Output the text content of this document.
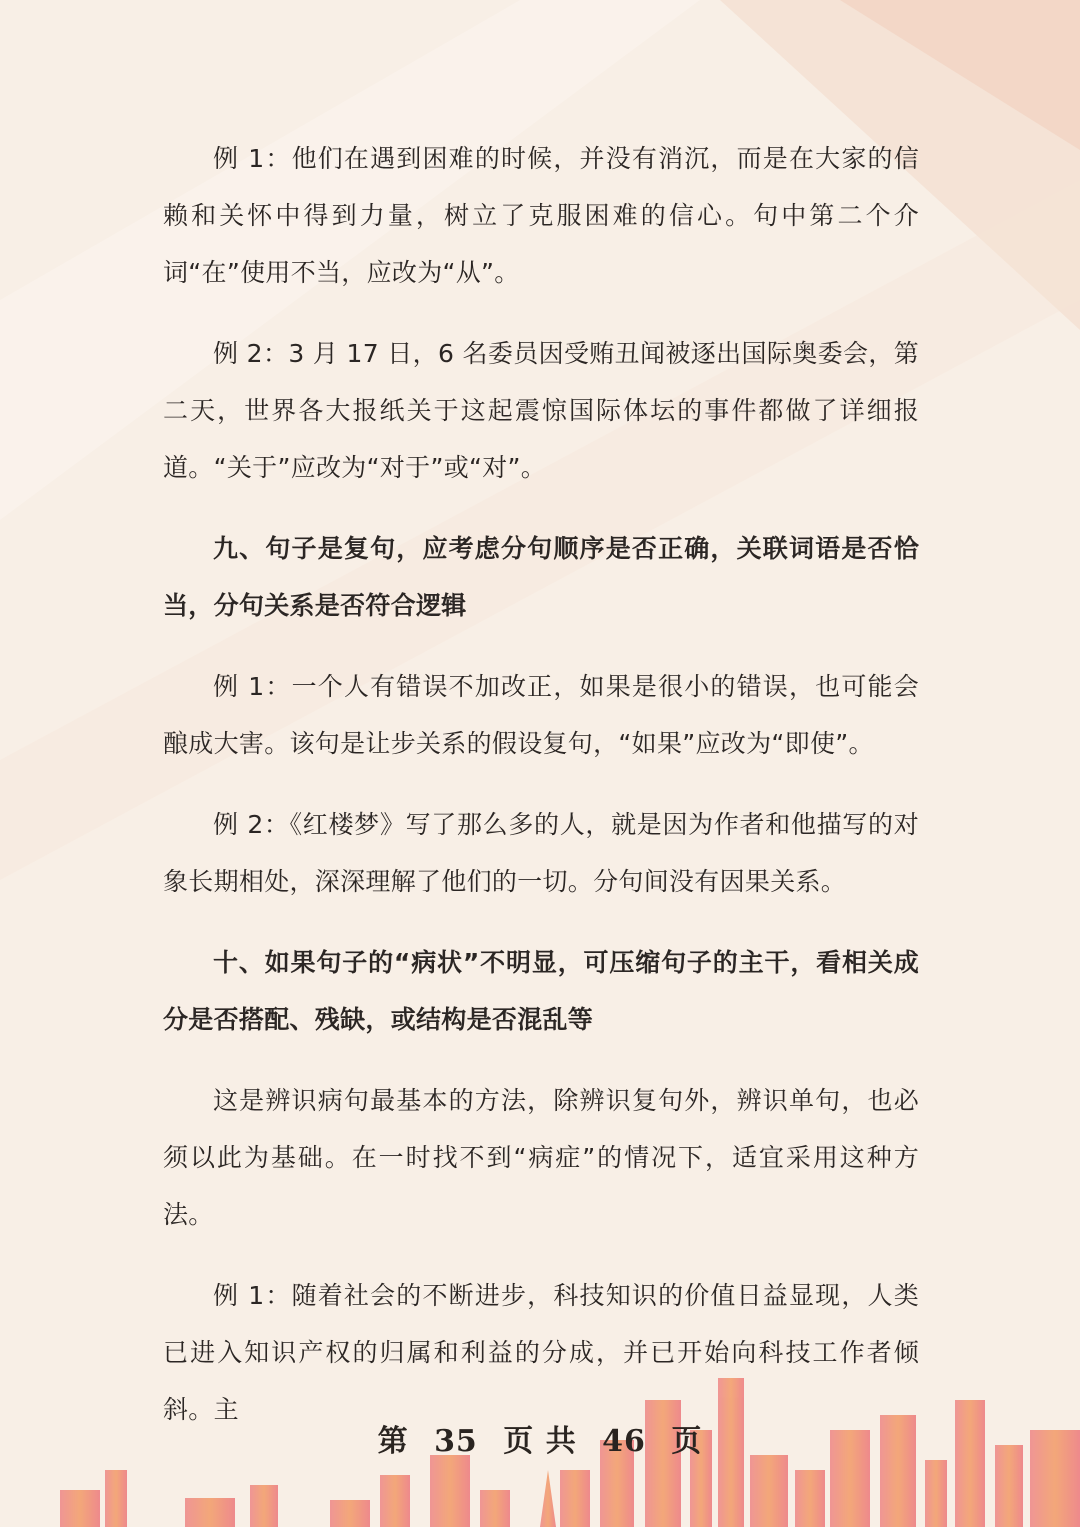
例 1：他们在遇到困难的时候，并没有消沉，而是在大家的信赖和关怀中得到力量，树立了克服困难的信心。句中第二个介词“在”使用不当，应改为“从”。

例 2：3 月 17 日，6 名委员因受贿丑闻被逐出国际奥委会，第二天，世界各大报纸关于这起震惊国际体坛的事件都做了详细报道。“关于”应改为“对于”或“对”。

九、句子是复句，应考虑分句顺序是否正确，关联词语是否恰当，分句关系是否符合逻辑

例 1：一个人有错误不加改正，如果是很小的错误，也可能会酿成大害。该句是让步关系的假设复句，“如果”应改为“即使”。

例 2：《红楼梦》写了那么多的人，就是因为作者和他描写的对象长期相处，深深理解了他们的一切。分句间没有因果关系。

十、如果句子的“病状”不明显，可压缩句子的主干，看相关成分是否搭配、残缺，或结构是否混乱等

这是辨识病句最基本的方法，除辨识复句外，辨识单句，也必须以此为基础。在一时找不到“病症”的情况下，适宜采用这种方法。

例 1：随着社会的不断进步，科技知识的价值日益显现，人类已进入知识产权的归属和利益的分成，并已开始向科技工作者倾斜。主

第 35 页 共 46 页
